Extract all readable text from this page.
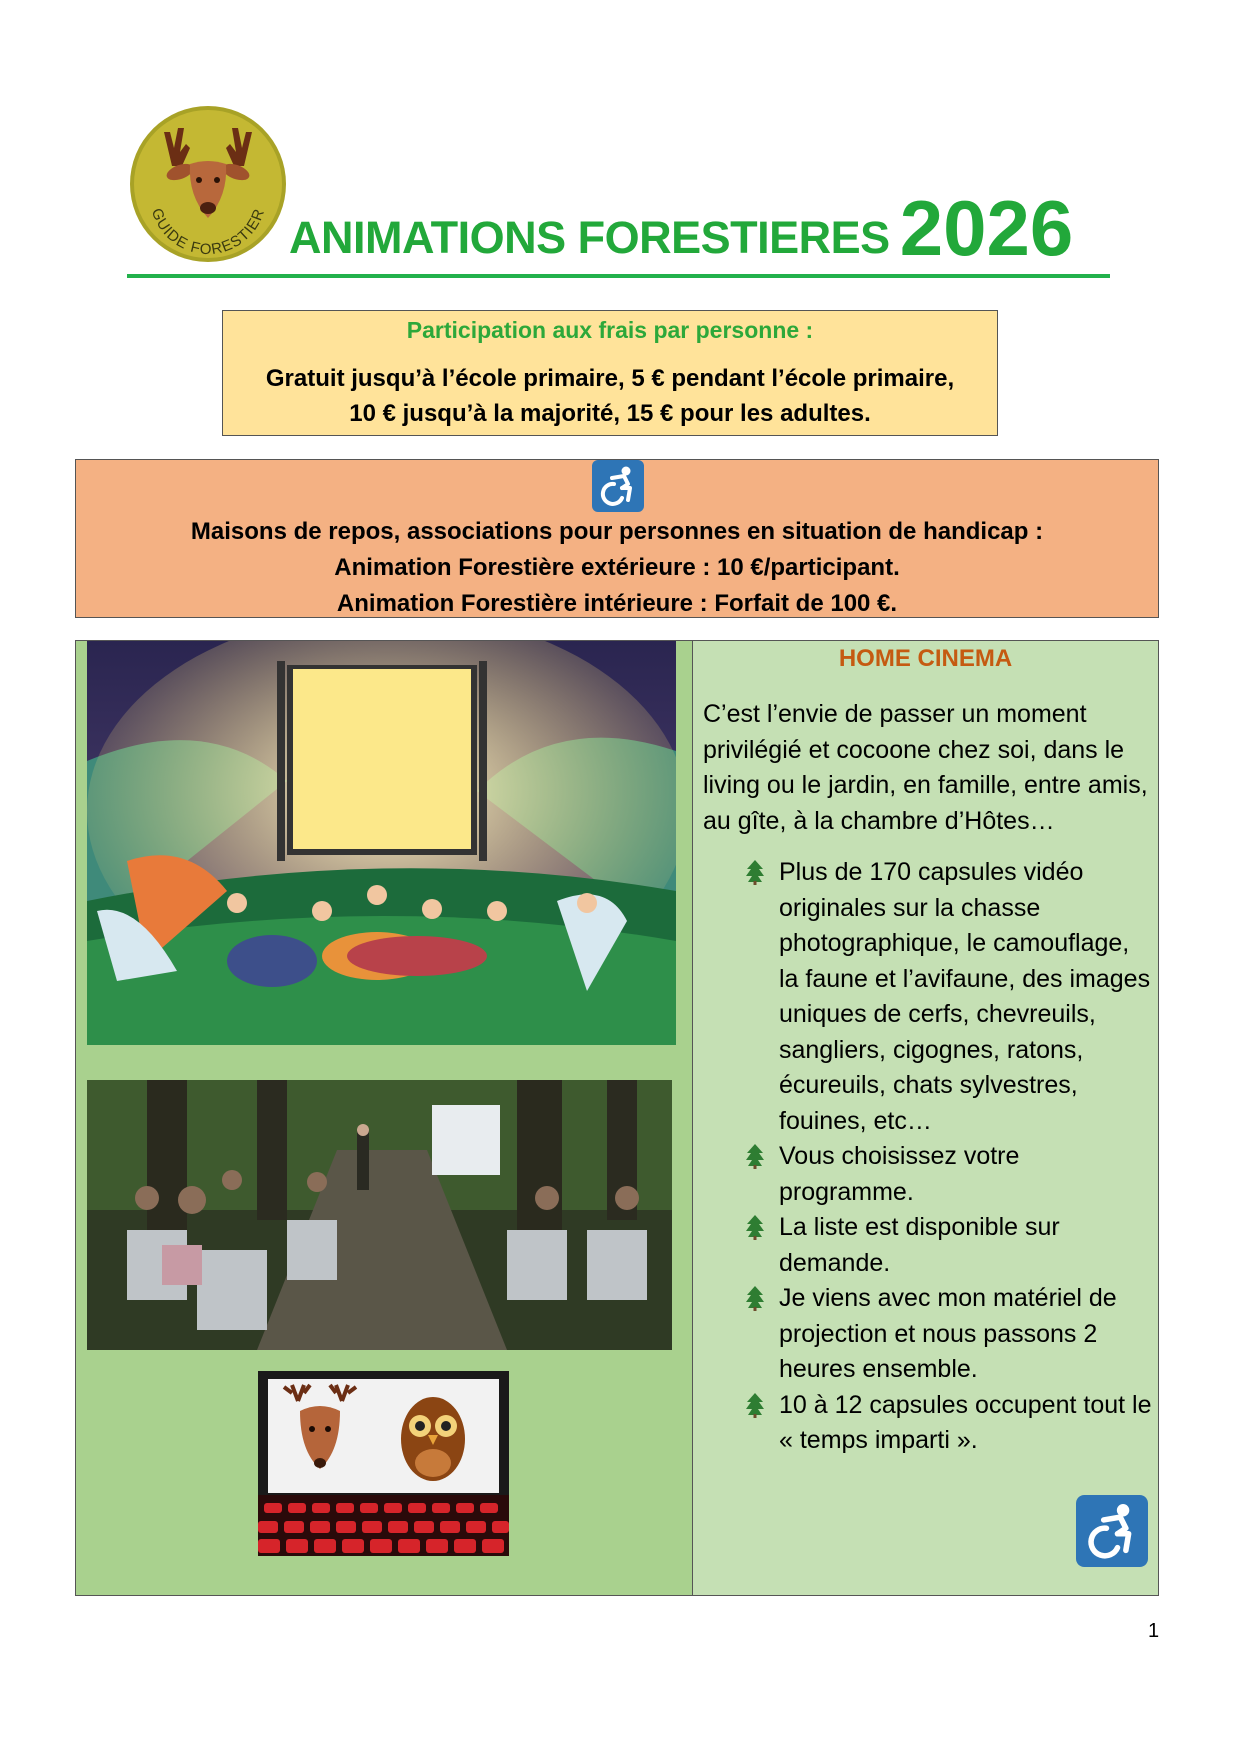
GUIDE FORESTIER ANIMATIONS FORESTIERES 2026
Participation aux frais par personne :
Gratuit jusqu’à l’école primaire, 5 € pendant l’école primaire,
10 € jusqu’à la majorité, 15 € pour les adultes.
Maisons de repos, associations pour personnes en situation de handicap :
Animation Forestière extérieure : 10 €/participant.
Animation Forestière intérieure : Forfait de 100 €.
HOME CINEMA
C’est l’envie de passer un moment privilégié et cocoone chez soi, dans le living ou le jardin, en famille, entre amis, au gîte, à la chambre d’Hôtes…
Plus de 170 capsules vidéo originales sur la chasse photographique, le camouflage, la faune et l’avifaune, des images uniques de cerfs, chevreuils, sangliers, cigognes, ratons, écureuils, chats sylvestres, fouines, etc…
Vous choisissez votre programme.
La liste est disponible sur demande.
Je viens avec mon matériel de projection et nous passons 2 heures ensemble.
10 à 12 capsules occupent tout le « temps imparti ».
1
